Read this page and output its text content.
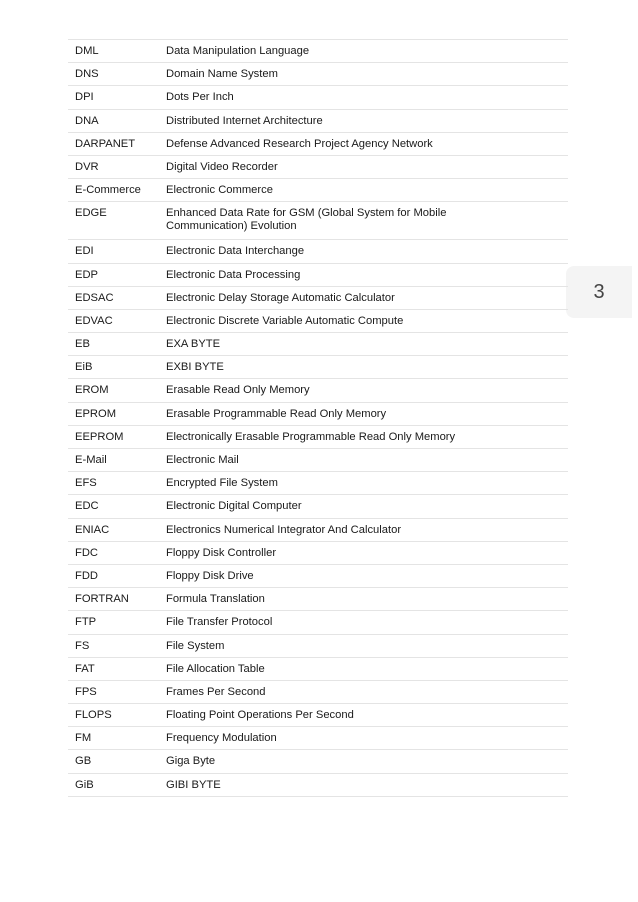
3
DML	Data Manipulation Language
DNS	Domain Name System
DPI	Dots Per Inch
DNA	Distributed Internet Architecture
DARPANET	Defense Advanced Research Project Agency Network
DVR	Digital Video Recorder
E-Commerce	Electronic Commerce
EDGE	Enhanced Data Rate for GSM (Global System for Mobile Communication) Evolution
EDI	Electronic Data Interchange
EDP	Electronic Data Processing
EDSAC	Electronic Delay Storage Automatic Calculator
EDVAC	Electronic Discrete Variable Automatic Compute
EB	EXA BYTE
EiB	EXBI BYTE
EROM	Erasable Read Only Memory
EPROM	Erasable Programmable Read Only Memory
EEPROM	Electronically Erasable Programmable Read Only Memory
E-Mail	Electronic Mail
EFS	Encrypted File System
EDC	Electronic Digital Computer
ENIAC	Electronics Numerical Integrator And Calculator
FDC	Floppy Disk Controller
FDD	Floppy Disk Drive
FORTRAN	Formula Translation
FTP	File Transfer Protocol
FS	File System
FAT	File Allocation Table
FPS	Frames Per Second
FLOPS	Floating Point Operations Per Second
FM	Frequency Modulation
GB	Giga Byte
GiB	GIBI BYTE
